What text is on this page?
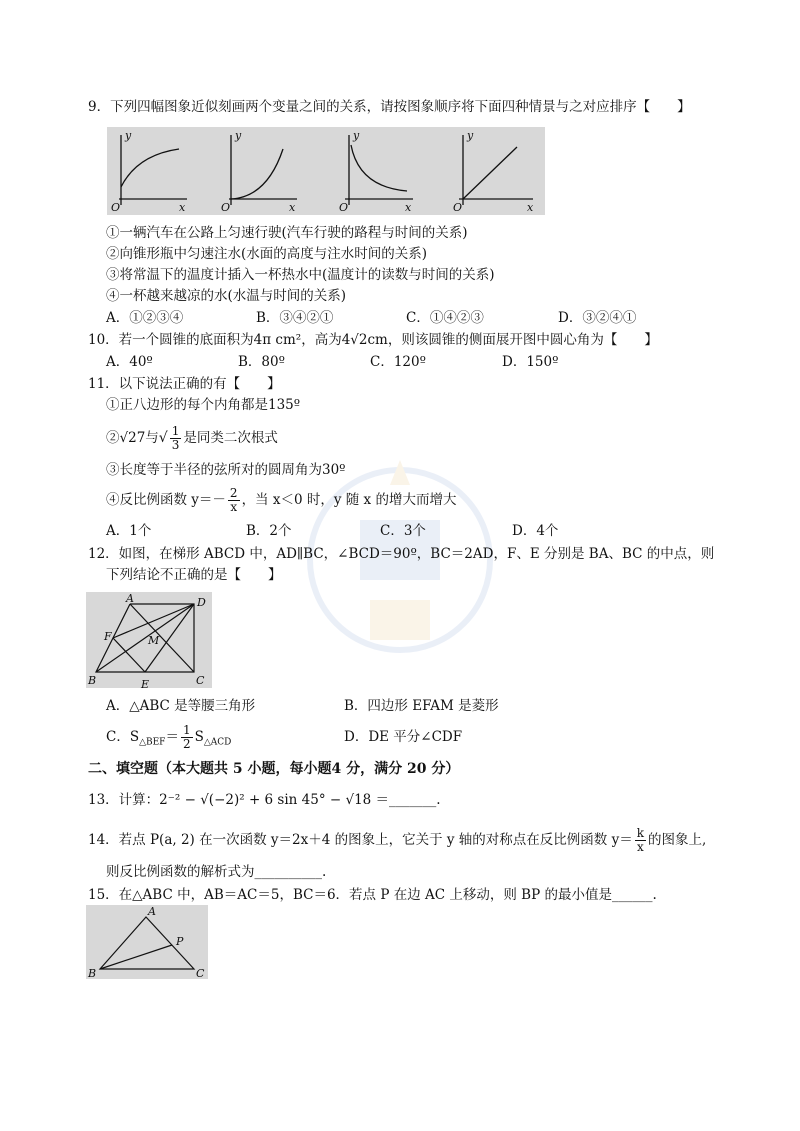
9．下列四幅图象近似刻画两个变量之间的关系，请按图象顺序将下面四种情景与之对应排序【　　】
y
x
O
y
x
O
y
x
O
y
x
O
①一辆汽车在公路上匀速行驶(汽车行驶的路程与时间的关系)
②向锥形瓶中匀速注水(水面的高度与注水时间的关系)
③将常温下的温度计插入一杯热水中(温度计的读数与时间的关系)
④一杯越来越凉的水(水温与时间的关系)
A．①②③④	B．③④②①	C．①④②③	D．③②④①
10．若一个圆锥的底面积为4π cm²，高为4√2cm，则该圆锥的侧面展开图中圆心角为【　　】
A．40º	B．80º	C．120º	D．150º
11．以下说法正确的有【　　】
①正八边形的每个内角都是135º
②√27与√ $\frac{1}{3}$ 是同类二次根式
③长度等于半径的弦所对的圆周角为30º
④反比例函数 $y=- \frac{2}{x}$ ，当 x＜0 时，y 随 x 的增大而增大
A．1个	B．2个	C．3个	D．4个
12．如图，在梯形 ABCD 中，AD∥BC，∠BCD＝90º，BC＝2AD，F、E 分别是 BA、BC 的中点，则
下列结论不正确的是【　　】
A	D
F	M
B	E	C
A．△ABC 是等腰三角形	B．四边形 EFAM 是菱形
C．$S_{\triangle BEF}= \frac{1}{2} S_{\triangle ACD}$	D．DE 平分∠CDF
二、填空题（本大题共 5 小题，每小题4 分，满分 20 分）
13．计算：2⁻² − √(−2)² + 6 sin 45° − √18 ＝_______.
14．若点 P(a, 2) 在一次函数 y＝2x＋4 的图象上，它关于 y 轴的对称点在反比例函数 $y= \frac{k}{x}$ 的图象上,
则反比例函数的解析式为__________.
15．在△ABC 中，AB＝AC＝5，BC＝6．若点 P 在边 AC 上移动，则 BP 的最小值是______.
A
P
B	C
